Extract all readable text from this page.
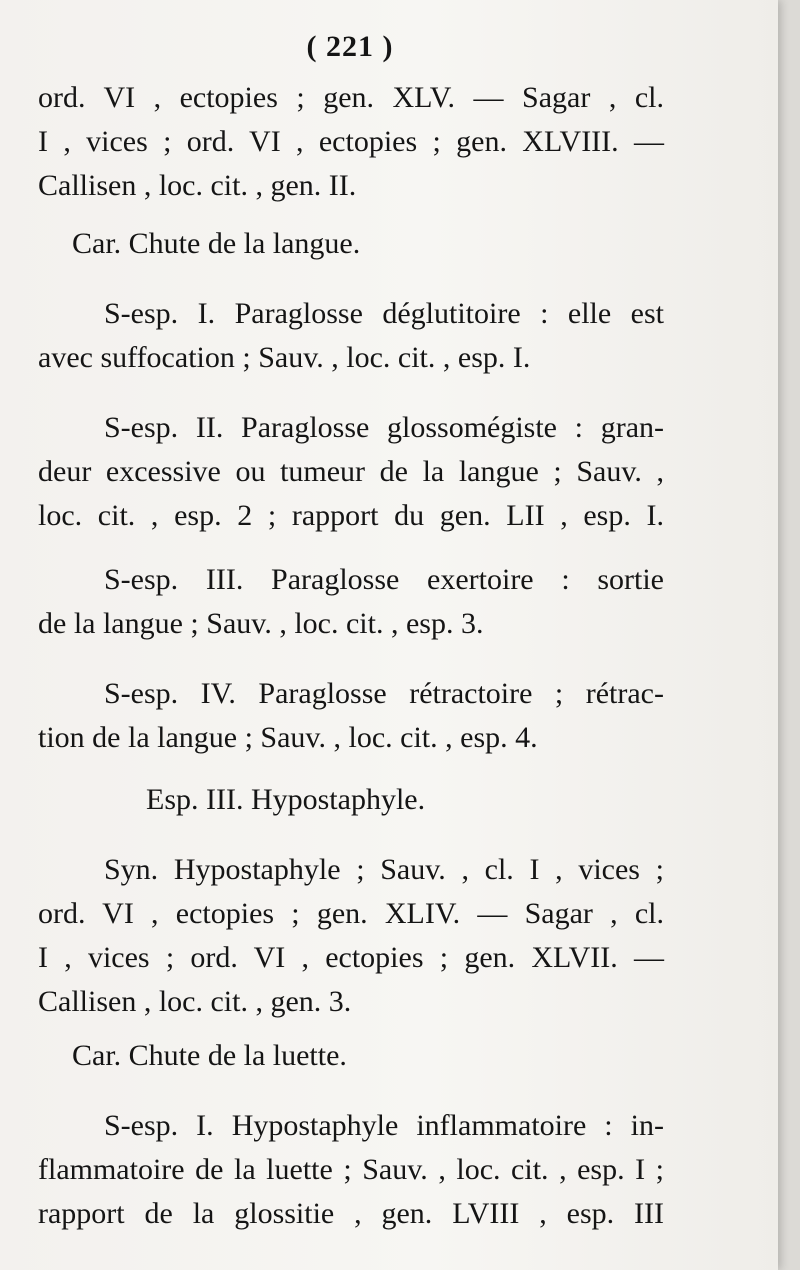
( 221 )
ord. VI , ectopies ; gen. XLV. — Sagar , cl.
I , vices ; ord. VI , ectopies ; gen. XLVIII. —
Callisen , loc. cit. , gen. II.
Car. Chute de la langue.
S-esp. I. Paraglosse déglutitoire : elle est
avec suffocation ; Sauv. , loc. cit. , esp. I.
S-esp. II. Paraglosse glossomégiste : gran-
deur excessive ou tumeur de la langue ; Sauv. ,
loc. cit. , esp. 2 ; rapport du gen. LII , esp. I.
S-esp. III. Paraglosse exertoire : sortie
de la langue ; Sauv. , loc. cit. , esp. 3.
S-esp. IV. Paraglosse rétractoire ; rétrac-
tion de la langue ; Sauv. , loc. cit. , esp. 4.
Esp. III. Hypostaphyle.
Syn. Hypostaphyle ; Sauv. , cl. I , vices ;
ord. VI , ectopies ; gen. XLIV. — Sagar , cl.
I , vices ; ord. VI , ectopies ; gen. XLVII. —
Callisen , loc. cit. , gen. 3.
Car. Chute de la luette.
S-esp. I. Hypostaphyle inflammatoire : in-
flammatoire de la luette ; Sauv. , loc. cit. , esp. I ;
rapport de la glossitie , gen. LVIII , esp. III
